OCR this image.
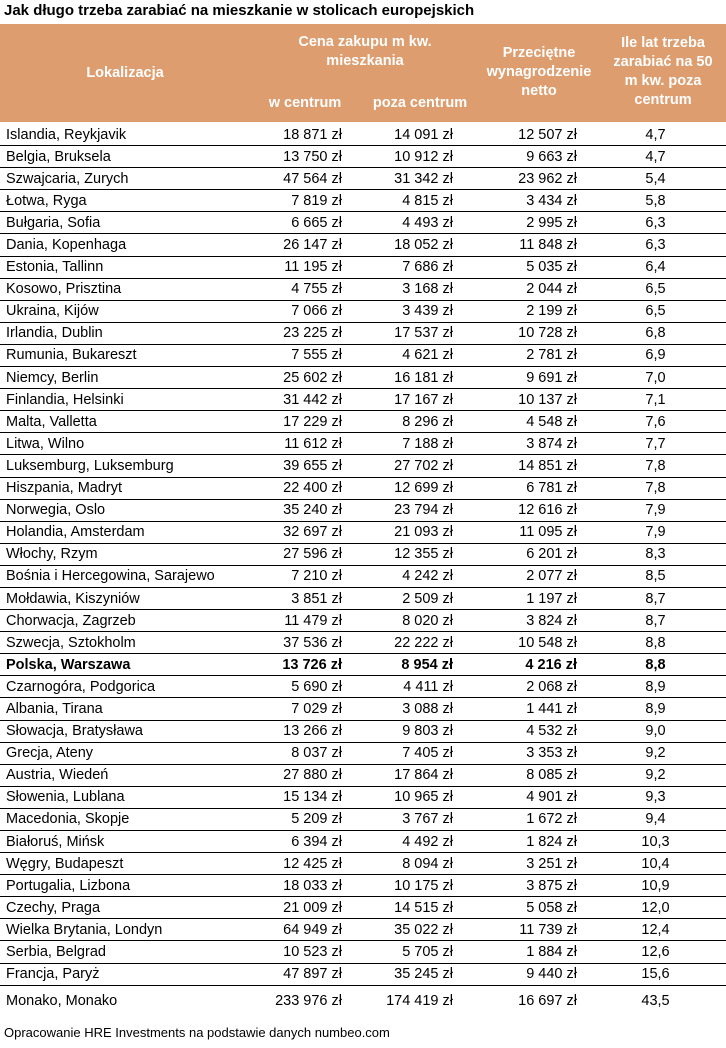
Jak długo trzeba zarabiać na mieszkanie w stolicach europejskich
Lokalizacja
Cena zakupu m kw.
mieszkania
w centrum	poza centrum
Przeciętne
wynagrodzenie
netto
Ile lat trzeba
zarabiać na 50
m kw. poza
centrum
Islandia, Reykjavik	18 871 zł	14 091 zł	12 507 zł	4,7
Belgia, Bruksela	13 750 zł	10 912 zł	9 663 zł	4,7
Szwajcaria, Zurych	47 564 zł	31 342 zł	23 962 zł	5,4
Łotwa, Ryga	7 819 zł	4 815 zł	3 434 zł	5,8
Bułgaria, Sofia	6 665 zł	4 493 zł	2 995 zł	6,3
Dania, Kopenhaga	26 147 zł	18 052 zł	11 848 zł	6,3
Estonia, Tallinn	11 195 zł	7 686 zł	5 035 zł	6,4
Kosowo, Prisztina	4 755 zł	3 168 zł	2 044 zł	6,5
Ukraina, Kijów	7 066 zł	3 439 zł	2 199 zł	6,5
Irlandia, Dublin	23 225 zł	17 537 zł	10 728 zł	6,8
Rumunia, Bukareszt	7 555 zł	4 621 zł	2 781 zł	6,9
Niemcy, Berlin	25 602 zł	16 181 zł	9 691 zł	7,0
Finlandia, Helsinki	31 442 zł	17 167 zł	10 137 zł	7,1
Malta, Valletta	17 229 zł	8 296 zł	4 548 zł	7,6
Litwa, Wilno	11 612 zł	7 188 zł	3 874 zł	7,7
Luksemburg, Luksemburg	39 655 zł	27 702 zł	14 851 zł	7,8
Hiszpania, Madryt	22 400 zł	12 699 zł	6 781 zł	7,8
Norwegia, Oslo	35 240 zł	23 794 zł	12 616 zł	7,9
Holandia, Amsterdam	32 697 zł	21 093 zł	11 095 zł	7,9
Włochy, Rzym	27 596 zł	12 355 zł	6 201 zł	8,3
Bośnia i Hercegowina, Sarajewo	7 210 zł	4 242 zł	2 077 zł	8,5
Mołdawia, Kiszyniów	3 851 zł	2 509 zł	1 197 zł	8,7
Chorwacja, Zagrzeb	11 479 zł	8 020 zł	3 824 zł	8,7
Szwecja, Sztokholm	37 536 zł	22 222 zł	10 548 zł	8,8
Polska, Warszawa	13 726 zł	8 954 zł	4 216 zł	8,8
Czarnogóra, Podgorica	5 690 zł	4 411 zł	2 068 zł	8,9
Albania, Tirana	7 029 zł	3 088 zł	1 441 zł	8,9
Słowacja, Bratysława	13 266 zł	9 803 zł	4 532 zł	9,0
Grecja, Ateny	8 037 zł	7 405 zł	3 353 zł	9,2
Austria, Wiedeń	27 880 zł	17 864 zł	8 085 zł	9,2
Słowenia, Lublana	15 134 zł	10 965 zł	4 901 zł	9,3
Macedonia, Skopje	5 209 zł	3 767 zł	1 672 zł	9,4
Białoruś, Mińsk	6 394 zł	4 492 zł	1 824 zł	10,3
Węgry, Budapeszt	12 425 zł	8 094 zł	3 251 zł	10,4
Portugalia, Lizbona	18 033 zł	10 175 zł	3 875 zł	10,9
Czechy, Praga	21 009 zł	14 515 zł	5 058 zł	12,0
Wielka Brytania, Londyn	64 949 zł	35 022 zł	11 739 zł	12,4
Serbia, Belgrad	10 523 zł	5 705 zł	1 884 zł	12,6
Francja, Paryż	47 897 zł	35 245 zł	9 440 zł	15,6
Monako, Monako	233 976 zł	174 419 zł	16 697 zł	43,5
Opracowanie HRE Investments na podstawie danych numbeo.com
